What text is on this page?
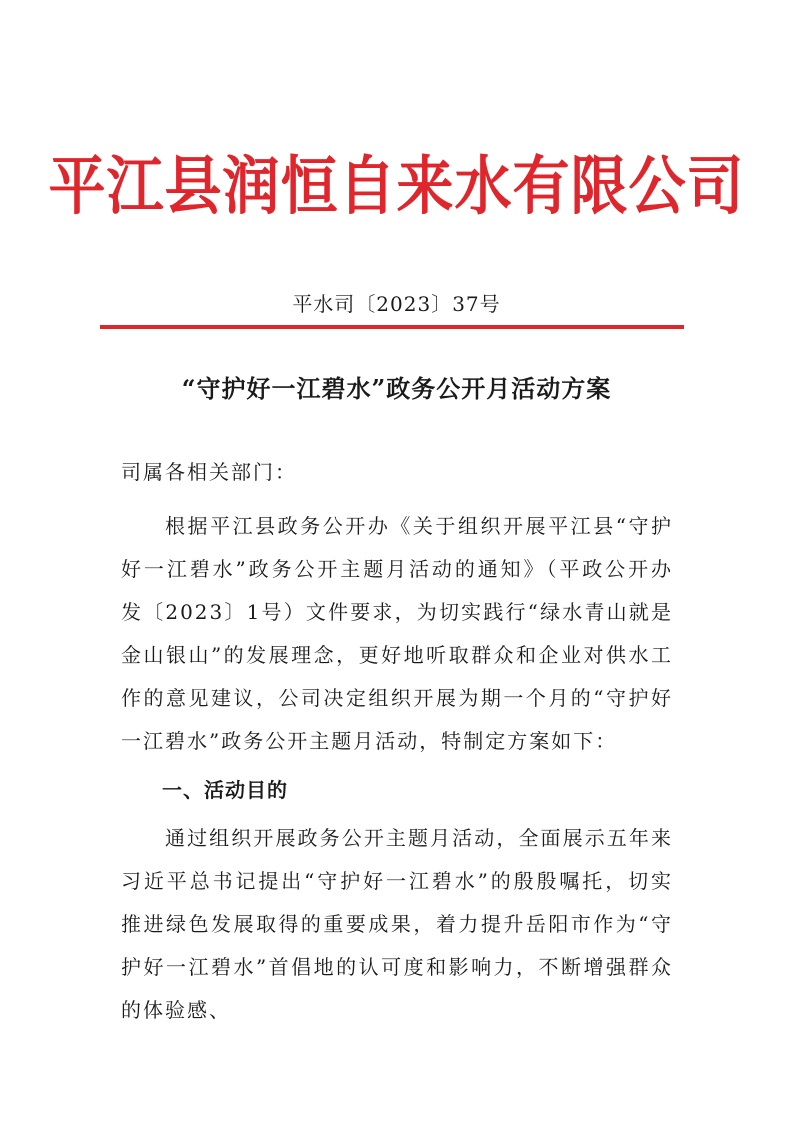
平江县润恒自来水有限公司
平水司〔2023〕37号
“守护好一江碧水”政务公开月活动方案
司属各相关部门：
根据平江县政务公开办《关于组织开展平江县“守护好一江碧水”政务公开主题月活动的通知》（平政公开办发〔2023〕1号）文件要求，为切实践行“绿水青山就是金山银山”的发展理念，更好地听取群众和企业对供水工作的意见建议，公司决定组织开展为期一个月的“守护好一江碧水”政务公开主题月活动，特制定方案如下：
一、活动目的
通过组织开展政务公开主题月活动，全面展示五年来习近平总书记提出“守护好一江碧水”的殷殷嘱托，切实推进绿色发展取得的重要成果，着力提升岳阳市作为“守护好一江碧水”首倡地的认可度和影响力，不断增强群众的体验感、
